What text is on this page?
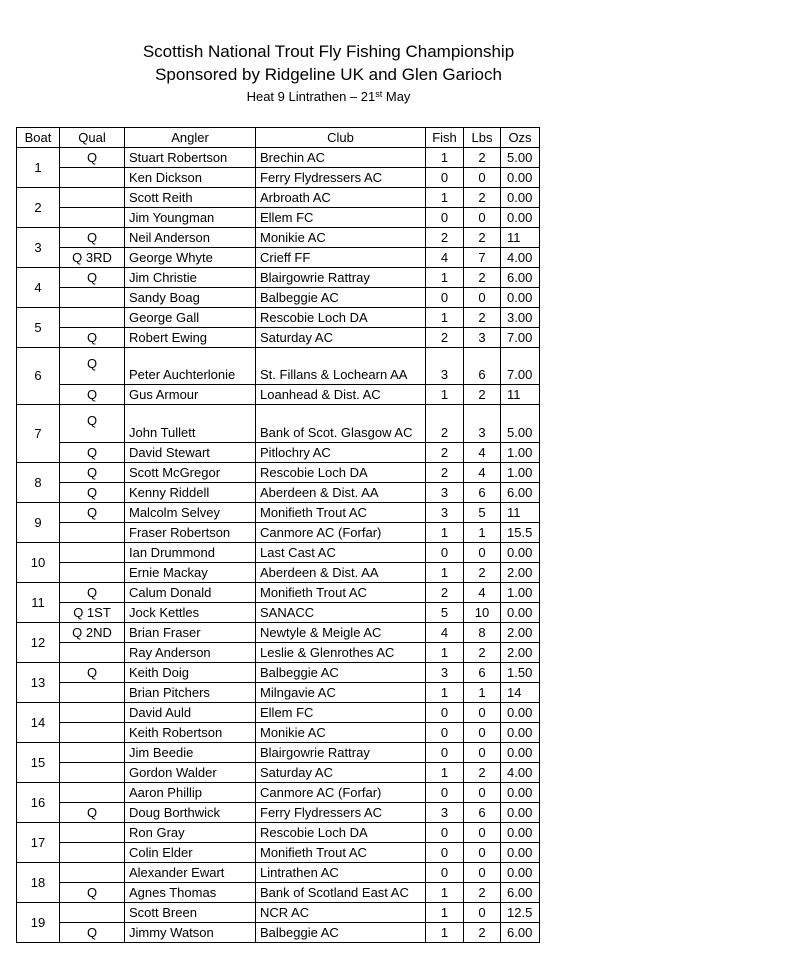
Scottish National Trout Fly Fishing Championship
Sponsored by Ridgeline UK and Glen Garioch
Heat 9 Lintrathen – 21st May
Boat	Qual	Angler	Club	Fish	Lbs	Ozs
1	Q	Stuart Robertson	Brechin AC	1	2	5.00
		Ken Dickson	Ferry Flydressers AC	0	0	0.00
2		Scott Reith	Arbroath AC	1	2	0.00
		Jim Youngman	Ellem FC	0	0	0.00
3	Q	Neil Anderson	Monikie AC	2	2	11
	Q 3RD	George Whyte	Crieff FF	4	7	4.00
4	Q	Jim Christie	Blairgowrie Rattray	1	2	6.00
		Sandy Boag	Balbeggie AC	0	0	0.00
5		George Gall	Rescobie Loch DA	1	2	3.00
	Q	Robert Ewing	Saturday AC	2	3	7.00
6	Q	Peter Auchterlonie	St. Fillans & Lochearn AA	3	6	7.00
	Q	Gus Armour	Loanhead & Dist. AC	1	2	11
7	Q	John Tullett	Bank of Scot. Glasgow AC	2	3	5.00
	Q	David Stewart	Pitlochry AC	2	4	1.00
8	Q	Scott McGregor	Rescobie Loch DA	2	4	1.00
	Q	Kenny Riddell	Aberdeen & Dist. AA	3	6	6.00
9	Q	Malcolm Selvey	Monifieth Trout AC	3	5	11
		Fraser Robertson	Canmore AC (Forfar)	1	1	15.5
10		Ian Drummond	Last Cast AC	0	0	0.00
		Ernie Mackay	Aberdeen & Dist. AA	1	2	2.00
11	Q	Calum Donald	Monifieth Trout AC	2	4	1.00
	Q 1ST	Jock Kettles	SANACC	5	10	0.00
12	Q 2ND	Brian Fraser	Newtyle & Meigle AC	4	8	2.00
		Ray Anderson	Leslie & Glenrothes AC	1	2	2.00
13	Q	Keith Doig	Balbeggie AC	3	6	1.50
		Brian Pitchers	Milngavie AC	1	1	14
14		David Auld	Ellem FC	0	0	0.00
		Keith Robertson	Monikie AC	0	0	0.00
15		Jim Beedie	Blairgowrie Rattray	0	0	0.00
		Gordon Walder	Saturday AC	1	2	4.00
16		Aaron Phillip	Canmore AC (Forfar)	0	0	0.00
	Q	Doug Borthwick	Ferry Flydressers AC	3	6	0.00
17		Ron Gray	Rescobie Loch DA	0	0	0.00
		Colin Elder	Monifieth Trout AC	0	0	0.00
18		Alexander Ewart	Lintrathen AC	0	0	0.00
	Q	Agnes Thomas	Bank of Scotland East AC	1	2	6.00
19		Scott Breen	NCR AC	1	0	12.5
	Q	Jimmy Watson	Balbeggie AC	1	2	6.00
